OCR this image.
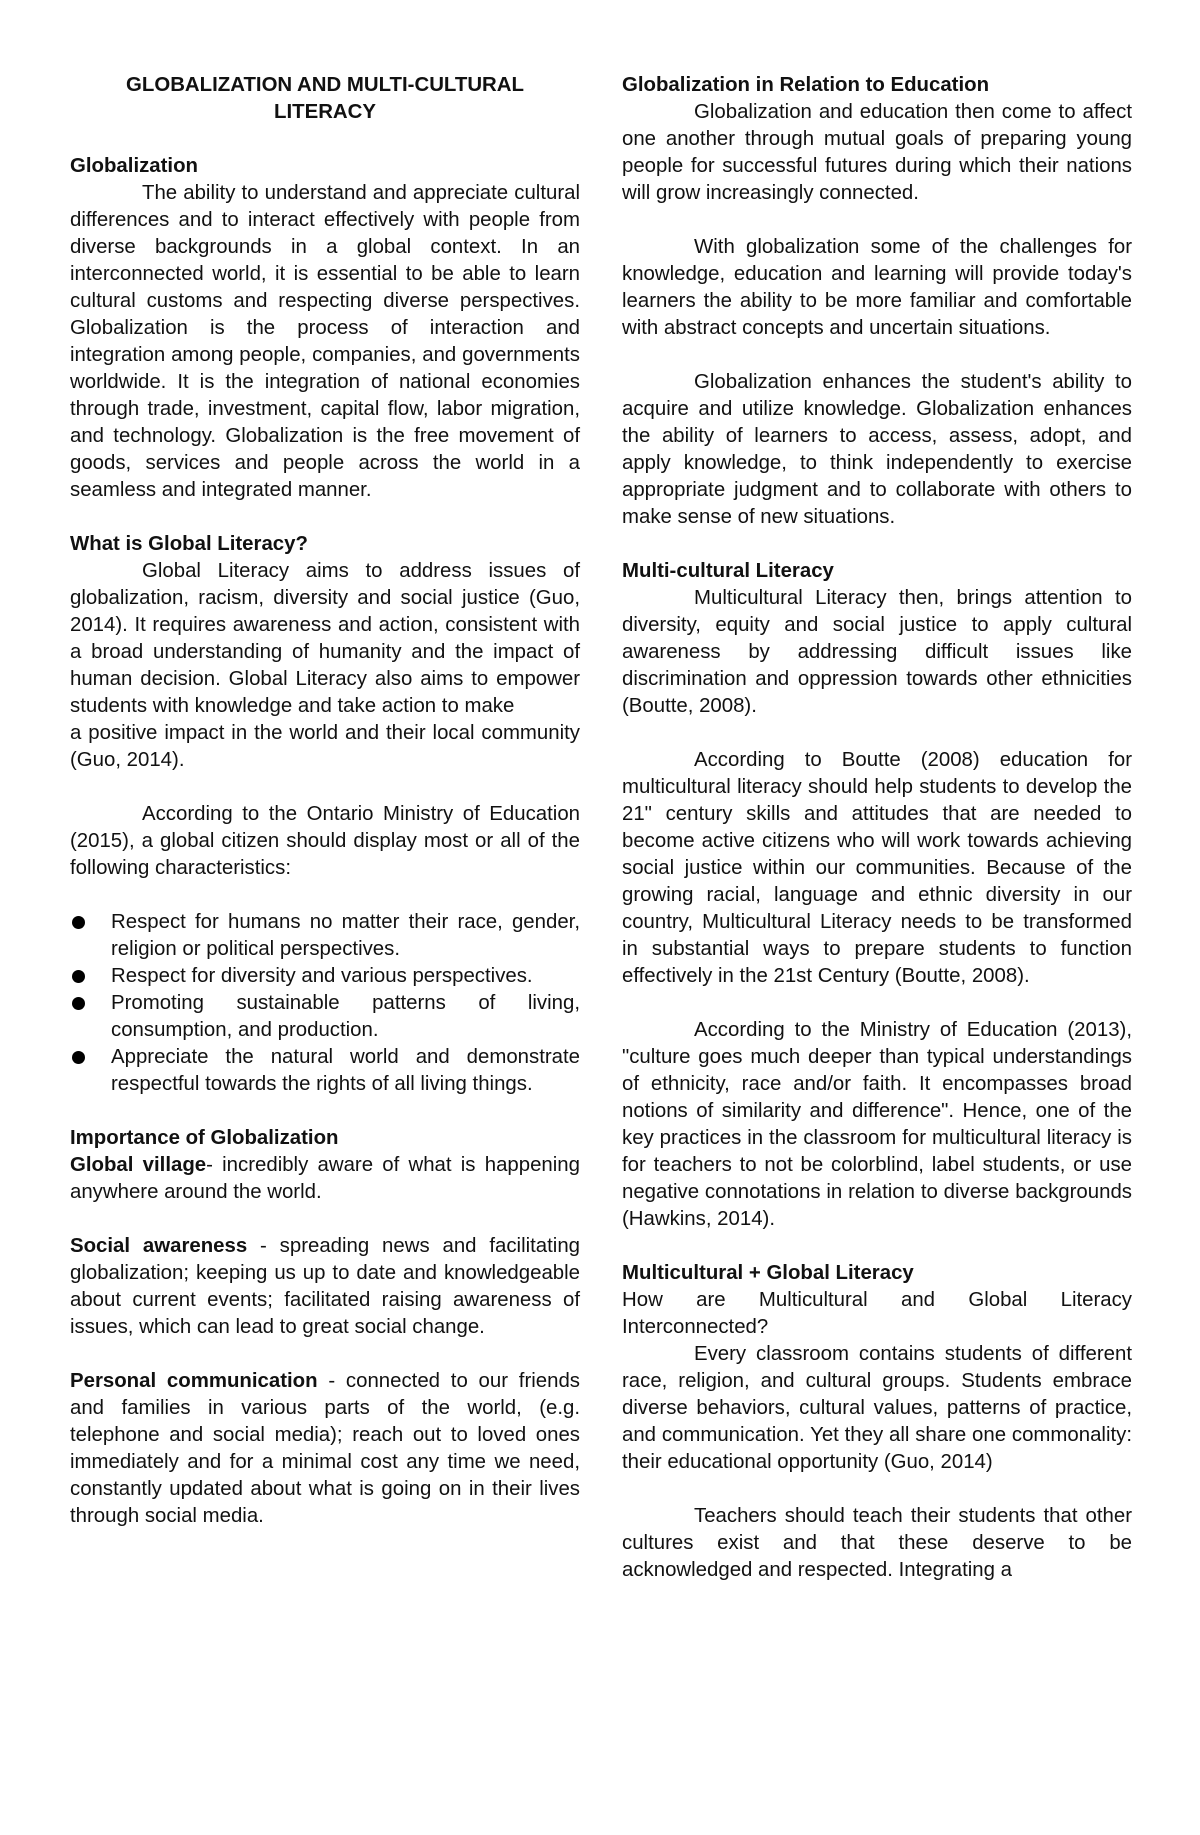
GLOBALIZATION AND MULTI-CULTURAL
LITERACY
Globalization

The ability to understand and appreciate cultural differences and to interact effectively with people from diverse backgrounds in a global context. In an interconnected world, it is essential to be able to learn cultural customs and respecting diverse perspectives. Globalization is the process of interaction and integration among people, companies, and governments worldwide. It is the integration of national economies through trade, investment, capital flow, labor migration, and technology. Globalization is the free movement of goods, services and people across the world in a seamless and integrated manner.

What is Global Literacy?

Global Literacy aims to address issues of globalization, racism, diversity and social justice (Guo, 2014). It requires awareness and action, consistent with a broad understanding of humanity and the impact of human decision. Global Literacy also aims to empower students with knowledge and take action to make

a positive impact in the world and their local community (Guo, 2014).

According to the Ontario Ministry of Education (2015), a global citizen should display most or all of the following characteristics:

Respect for humans no matter their race, gender, religion or political perspectives.
Respect for diversity and various perspectives.
Promoting sustainable patterns of living, consumption, and production.
Appreciate the natural world and demonstrate respectful towards the rights of all living things.
Importance of Globalization

Global village- incredibly aware of what is happening anywhere around the world.

Social awareness - spreading news and facilitating globalization; keeping us up to date and knowledgeable about current events; facilitated raising awareness of issues, which can lead to great social change.

Personal communication - connected to our friends and families in various parts of the world, (e.g. telephone and social media); reach out to loved ones immediately and for a minimal cost any time we need, constantly updated about what is going on in their lives through social media.

Globalization in Relation to Education

Globalization and education then come to affect one another through mutual goals of preparing young people for successful futures during which their nations will grow increasingly connected.

With globalization some of the challenges for knowledge, education and learning will provide today's learners the ability to be more familiar and comfortable with abstract concepts and uncertain situations.

Globalization enhances the student's ability to acquire and utilize knowledge. Globalization enhances the ability of learners to access, assess, adopt, and apply knowledge, to think independently to exercise appropriate judgment and to collaborate with others to make sense of new situations.

Multi-cultural Literacy

Multicultural Literacy then, brings attention to diversity, equity and social justice to apply cultural awareness by addressing difficult issues like discrimination and oppression towards other ethnicities (Boutte, 2008).

According to Boutte (2008) education for multicultural literacy should help students to develop the 21" century skills and attitudes that are needed to become active citizens who will work towards achieving social justice within our communities. Because of the growing racial, language and ethnic diversity in our country, Multicultural Literacy needs to be transformed in substantial ways to prepare students to function effectively in the 21st Century (Boutte, 2008).

According to the Ministry of Education (2013), "culture goes much deeper than typical understandings of ethnicity, race and/or faith. It encompasses broad notions of similarity and difference". Hence, one of the key practices in the classroom for multicultural literacy is for teachers to not be colorblind, label students, or use negative connotations in relation to diverse backgrounds (Hawkins, 2014).

Multicultural + Global Literacy

How are Multicultural and Global Literacy Interconnected?

Every classroom contains students of different race, religion, and cultural groups. Students embrace diverse behaviors, cultural values, patterns of practice, and communication. Yet they all share one commonality: their educational opportunity (Guo, 2014)

Teachers should teach their students that other cultures exist and that these deserve to be acknowledged and respected. Integrating a
